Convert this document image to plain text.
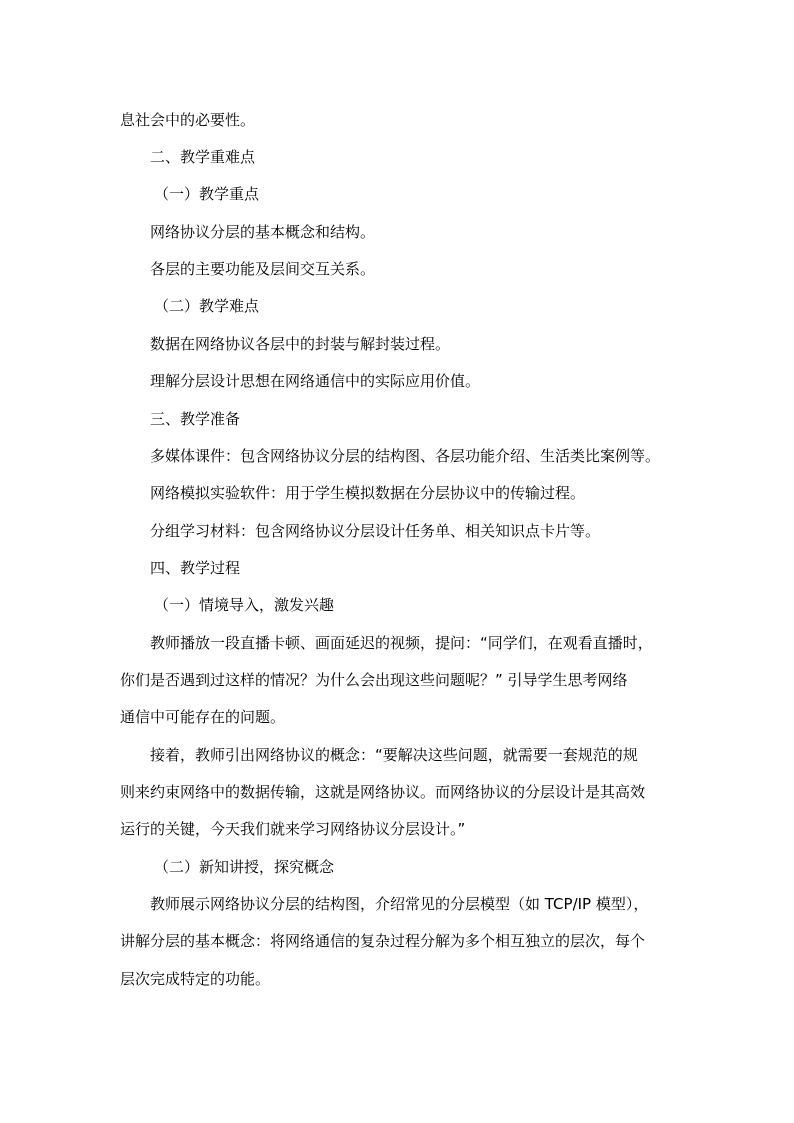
息社会中的必要性。
二、教学重难点
（一）教学重点
网络协议分层的基本概念和结构。
各层的主要功能及层间交互关系。
（二）教学难点
数据在网络协议各层中的封装与解封装过程。
理解分层设计思想在网络通信中的实际应用价值。
三、教学准备
多媒体课件：包含网络协议分层的结构图、各层功能介绍、生活类比案例等。
网络模拟实验软件：用于学生模拟数据在分层协议中的传输过程。
分组学习材料：包含网络协议分层设计任务单、相关知识点卡片等。
四、教学过程
（一）情境导入，激发兴趣
教师播放一段直播卡顿、画面延迟的视频，提问：“同学们，在观看直播时，
你们是否遇到过这样的情况？为什么会出现这些问题呢？” 引导学生思考网络
通信中可能存在的问题。
接着，教师引出网络协议的概念：“要解决这些问题，就需要一套规范的规
则来约束网络中的数据传输，这就是网络协议。而网络协议的分层设计是其高效
运行的关键，今天我们就来学习网络协议分层设计。”
（二）新知讲授，探究概念
教师展示网络协议分层的结构图，介绍常见的分层模型（如 TCP/IP 模型），
讲解分层的基本概念：将网络通信的复杂过程分解为多个相互独立的层次，每个
层次完成特定的功能。
